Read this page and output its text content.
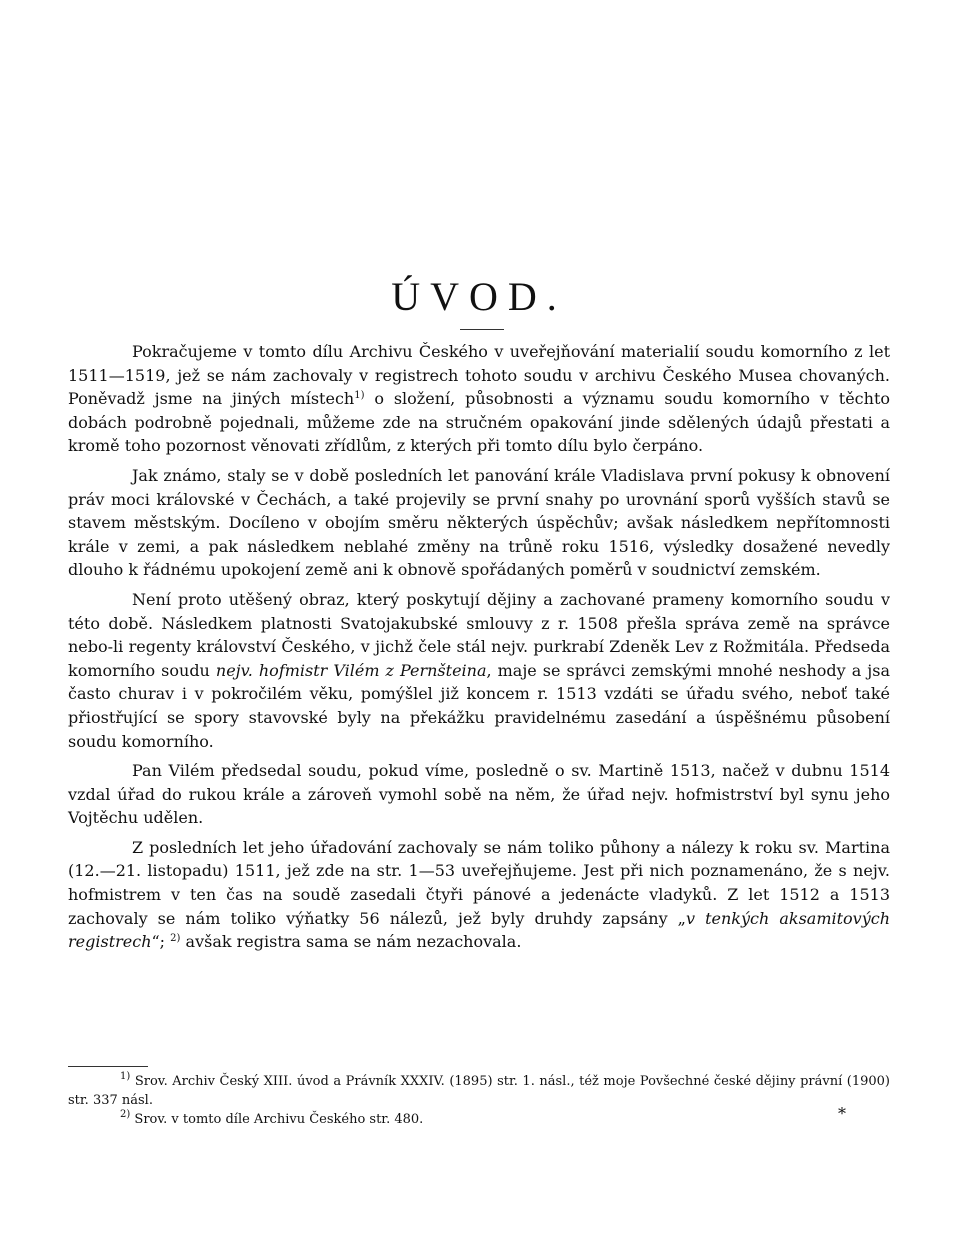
ÚVOD.

Pokračujeme v tomto dílu Archivu Českého v uveřejňování materialií soudu komorního z let 1511—1519, jež se nám zachovaly v registrech tohoto soudu v archivu Českého Musea chovaných. Poněvadž jsme na jiných místech$^{1)}$ o složení, působnosti a významu soudu komorního v těchto dobách podrobně pojednali, můžeme zde na stručném opakování jinde sdělených údajů přestati a kromě toho pozornost věnovati zřídlům, z kterých při tomto dílu bylo čerpáno.

Jak známo, staly se v době posledních let panování krále Vladislava první pokusy k obnovení práv moci královské v Čechách, a také projevily se první snahy po urovnání sporů vyšších stavů se stavem městským. Docíleno v obojím směru některých úspěchův; avšak následkem nepřítomnosti krále v zemi, a pak následkem neblahé změny na trůně roku 1516, výsledky dosažené nevedly dlouho k řádnému upokojení země ani k obnově spořádaných poměrů v soudnictví zemském.

Není proto utěšený obraz, který poskytují dějiny a zachované prameny komorního soudu v této době. Následkem platnosti Svatojakubské smlouvy z r. 1508 přešla správa země na správce nebo-li regenty království Českého, v jichž čele stál nejv. purkrabí Zdeněk Lev z Rožmitála. Předseda komorního soudu nejv. hofmistr Vilém z Pernšteina, maje se správci zemskými mnohé neshody a jsa často churav i v pokročilém věku, pomýšlel již koncem r. 1513 vzdáti se úřadu svého, neboť také přiostřující se spory stavovské byly na překážku pravidelnému zasedání a úspěšnému působení soudu komorního.

Pan Vilém předsedal soudu, pokud víme, posledně o sv. Martině 1513, načež v dubnu 1514 vzdal úřad do rukou krále a zároveň vymohl sobě na něm, že úřad nejv. hofmistrství byl synu jeho Vojtěchu udělen.

Z posledních let jeho úřadování zachovaly se nám toliko půhony a nálezy k roku sv. Martina (12.—21. listopadu) 1511, jež zde na str. 1—53 uveřejňujeme. Jest při nich poznamenáno, že s nejv. hofmistrem v ten čas na soudě zasedali čtyři pánové a jedenácte vladyků. Z let 1512 a 1513 zachovaly se nám toliko výňatky 56 nálezů, jež byly druhdy zapsány „v tenkých aksamitových registrech“; $^{2)}$ avšak registra sama se nám nezachovala.

$^{1)}$ Srov. Archiv Český XIII. úvod a Právník XXXIV. (1895) str. 1. násl., též moje Povšechné české dějiny právní (1900) str. 337 násl.

$^{2)}$ Srov. v tomto díle Archivu Českého str. 480.	*
